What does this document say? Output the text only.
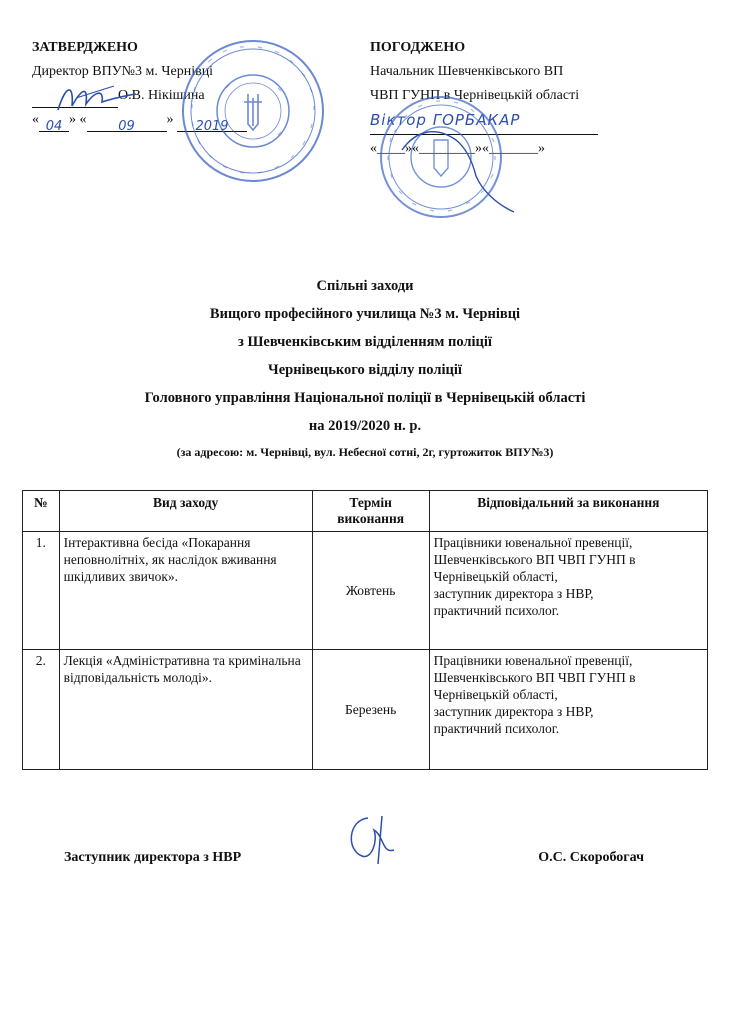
ЗАТВЕРДЖЕНО
Директор ВПУ№3 м. Чернівці
О.В. Нікішина
« 04 » « 09 » 2019
ПОГОДЖЕНО
Начальник Шевченківського ВП
ЧВП ГУНП в Чернівецькій області
Віктор ГОРБАКАР
«____»«________»«_______»
Спільні заходи
Вищого професійного училища №3 м. Чернівці
з Шевченківським відділенням поліції
Чернівецького відділу поліції
Головного управління Національної поліції в Чернівецькій області
на 2019/2020 н. р.
(за адресою: м. Чернівці, вул. Небесної сотні, 2г, гуртожиток ВПУ№3)
№	Вид заходу	Термін виконання	Відповідальний за виконання
1.	Інтерактивна бесіда «Покарання неповнолітніх, як наслідок вживання шкідливих звичок».	Жовтень	Працівники ювенальної превенції, Шевченківського ВП ЧВП ГУНП в Чернівецькій області,
заступник директора з НВР,
практичний психолог.

2.	Лекція «Адміністративна та кримінальна відповідальність молоді».	Березень	Працівники ювенальної превенції, Шевченківського ВП ЧВП ГУНП в Чернівецькій області,
заступник директора з НВР,
практичний психолог.
Заступник директора з НВР	О.С. Скоробогач
